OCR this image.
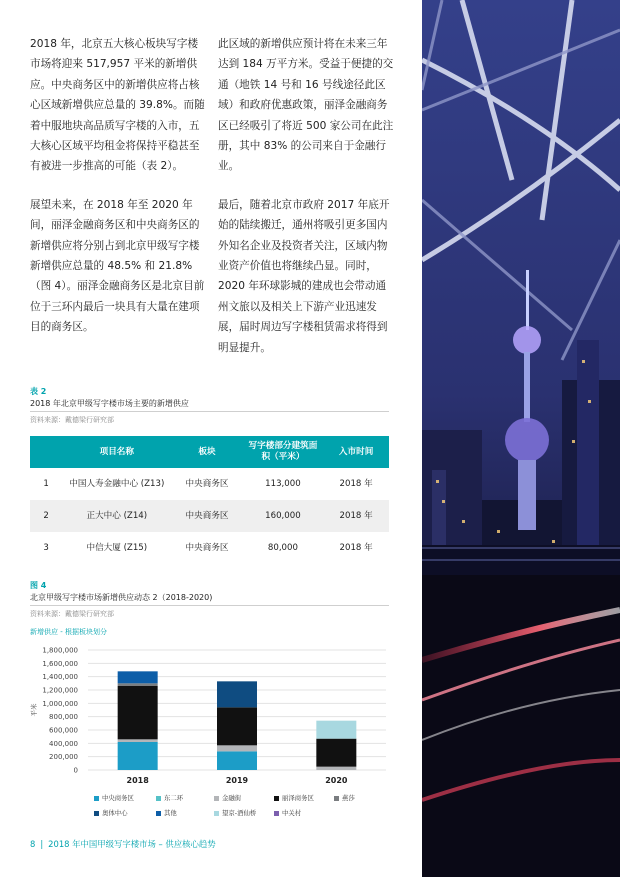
2018 年，北京五大核心板块写字楼市场将迎来 517,957 平米的新增供应。中央商务区中的新增供应将占核心区域新增供应总量的 39.8%。而随着中服地块高品质写字楼的入市，五大核心区域平均租金将保持平稳甚至有被进一步推高的可能（表 2）。

展望未来，在 2018 年至 2020 年间，丽泽金融商务区和中央商务区的新增供应将分别占到北京甲级写字楼新增供应总量的 48.5% 和 21.8%（图 4）。丽泽金融商务区是北京目前位于三环内最后一块具有大量在建项目的商务区。

此区域的新增供应预计将在未来三年达到 184 万平方米。受益于便捷的交通（地铁 14 号和 16 号线途径此区域）和政府优惠政策，丽泽金融商务区已经吸引了将近 500 家公司在此注册，其中 83% 的公司来自于金融行业。

最后，随着北京市政府 2017 年底开始的陆续搬迁，通州将吸引更多国内外知名企业及投资者关注，区域内物业资产价值也将继续凸显。同时，2020 年环球影城的建成也会带动通州文旅以及相关上下游产业迅速发展，届时周边写字楼租赁需求将得到明显提升。

表 2
2018 年北京甲级写字楼市场主要的新增供应
资料来源：戴德梁行研究部
	项目名称	板块	写字楼部分建筑面积（平米）	入市时间
1	中国人寿金融中心 (Z13)	中央商务区	113,000	2018 年
2	正大中心 (Z14)	中央商务区	160,000	2018 年
3	中信大厦 (Z15)	中央商务区	80,000	2018 年
图 4
北京甲级写字楼市场新增供应动态 2（2018-2020)
资料来源：戴德梁行研究部
新增供应 - 根据板块划分
0
200,000
400,000
600,000
800,000
1,000,000
1,200,000
1,400,000
1,600,000
1,800,000
平米
2018	2019	2020
中央商务区	东二环	金融街	丽泽商务区	燕莎
奥体中心	其他	望京-酒仙桥	中关村
8 | 2018 年中国甲级写字楼市场 – 供应核心趋势
